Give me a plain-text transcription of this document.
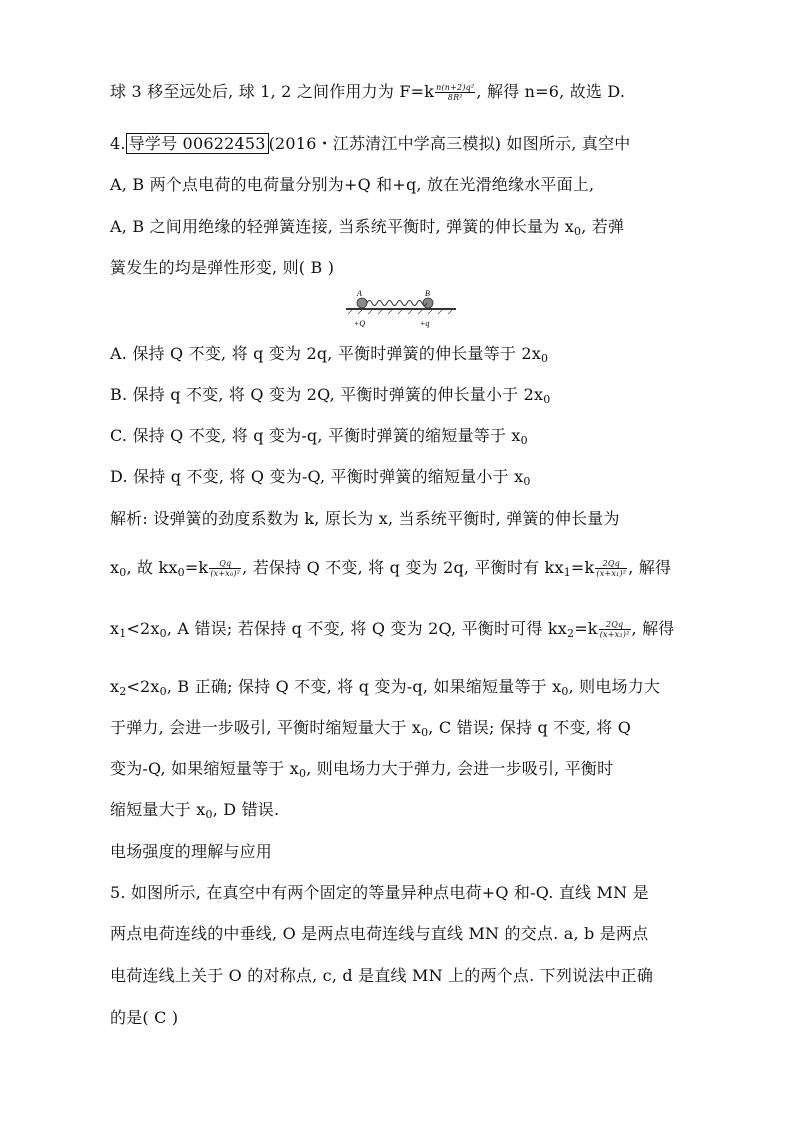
球 3 移至远处后, 球 1, 2 之间作用力为 $F=k \frac{\text{n(n+2)q²}}{\text{8R²}}$ , 解得 n=6, 故选 D.
4. 导学号 00622453 (2016・江苏清江中学高三模拟) 如图所示, 真空中
A, B 两个点电荷的电荷量分别为+Q 和+q, 放在光滑绝缘水平面上,
A, B 之间用绝缘的轻弹簧连接, 当系统平衡时, 弹簧的伸长量为 $x_0$, 若弹
簧发生的均是弹性形变, 则( B )
A	B
+Q	+q
A. 保持 Q 不变, 将 q 变为 2q, 平衡时弹簧的伸长量等于 $2x_0$
B. 保持 q 不变, 将 Q 变为 2Q, 平衡时弹簧的伸长量小于 $2x_0$
C. 保持 Q 不变, 将 q 变为-q, 平衡时弹簧的缩短量等于 $x_0$
D. 保持 q 不变, 将 Q 变为-Q, 平衡时弹簧的缩短量小于 $x_0$
解析: 设弹簧的劲度系数为 k, 原长为 x, 当系统平衡时, 弹簧的伸长量为
$x_0$, 故 $kx_0=k \frac{Qq}{\text{(x+x₀)²}}$ , 若保持 Q 不变, 将 q 变为 2q, 平衡时有 $kx_1=k \frac{2Qq}{\text{(x+x₁)²}}$ , 解得
$x_1<2x_0$, A 错误; 若保持 q 不变, 将 Q 变为 2Q, 平衡时可得 $kx_2=k \frac{2Qq}{\text{(x+x₂)²}}$ , 解得
$x_2<2x_0$, B 正确; 保持 Q 不变, 将 q 变为-q, 如果缩短量等于 $x_0$, 则电场力大
于弹力, 会进一步吸引, 平衡时缩短量大于 $x_0$, C 错误; 保持 q 不变, 将 Q
变为-Q, 如果缩短量等于 $x_0$, 则电场力大于弹力, 会进一步吸引, 平衡时
缩短量大于 $x_0$, D 错误.
电场强度的理解与应用
5. 如图所示, 在真空中有两个固定的等量异种点电荷+Q 和-Q. 直线 MN 是
两点电荷连线的中垂线, O 是两点电荷连线与直线 MN 的交点. a, b 是两点
电荷连线上关于 O 的对称点, c, d 是直线 MN 上的两个点. 下列说法中正确
的是( C )
